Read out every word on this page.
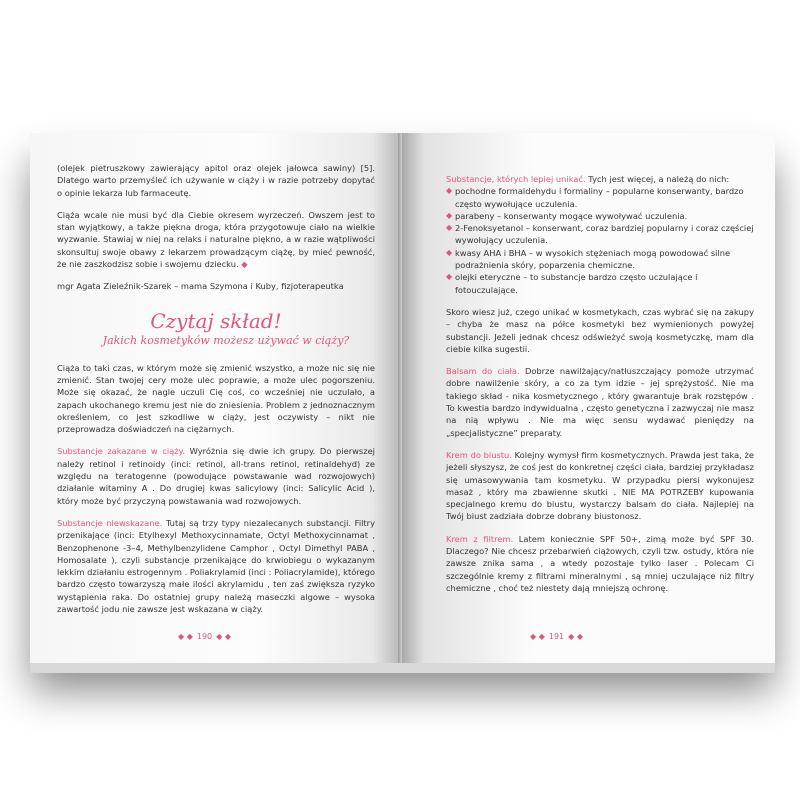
(olejek pietruszkowy zawierający apitol oraz olejek jałowca sawiny) [5]. Dlatego warto przemyśleć ich używanie w ciąży i w razie potrzeby dopytać o opinie lekarza lub farmaceutę.

Ciąża wcale nie musi być dla Ciebie okresem wyrzeczeń. Owszem jest to stan wyjątkowy, a także piękna droga, która przygotowuje ciało na wielkie wyzwanie. Stawiaj w niej na relaks i naturalne piękno, a w razie wątpliwości skonsultuj swoje obawy z lekarzem prowadzącym ciążę, by mieć pewność, że nie zaszkodzisz sobie i swojemu dziecku. ◆

mgr Agata Zieleźnik-Szarek – mama Szymona i Kuby, fizjoterapeutka

Czytaj skład!
Jakich kosmetyków możesz używać w ciąży?

Ciąża to taki czas, w którym może się zmienić wszystko, a może nic się nie zmienić. Stan twojej cery może ulec poprawie, a może ulec pogorszeniu. Może się okazać, że nagle uczuli Cię coś, co wcześniej nie uczulało, a zapach ukochanego kremu jest nie do zniesienia. Problem z jednoznacznym określeniem, co jest szkodliwe w ciąży, jest oczywisty – nikt nie przeprowadza doświadczeń na ciężarnych.

Substancje zakazane w ciąży. Wyróżnia się dwie ich grupy. Do pierwszej należy retinol i retinoidy (inci: retinol, all-trans retinol, retinaldehyd) ze względu na teratogenne (powodujące powstawanie wad rozwojowych) działanie witaminy A . Do drugiej kwas salicylowy (inci: Salicylic Acid ), który może być przyczyną powstawania wad rozwojowych.

Substancje niewskazane. Tutaj są trzy typy niezalecanych substancji. Filtry przenikające (inci: Etylhexyl Methoxycinnamate, Octyl Methoxycinnamat , Benzophenone -3–4, Methylbenzylidene Camphor , Octyl Dimethyl PABA , Homosalate ), czyli substancje przenikające do krwiobiegu o wykazanym lekkim działaniu estrogennym . Poliakrylamid (inci : Poliacrylamide), którego bardzo często towarzyszą małe ilości akrylamidu , ten zaś zwiększa ryzyko wystąpienia raka. Do ostatniej grupy należą maseczki algowe – wysoka zawartość jodu nie zawsze jest wskazana w ciąży.

◆ ◆ 190 ◆ ◆
Substancje, których lepiej unikać. Tych jest więcej, a należą do nich:
◆ pochodne formaldehydu i formaliny – popularne konserwanty, bardzo często wywołujące uczulenia.
◆ parabeny – konserwanty mogące wywoływać uczulenia.
◆ 2-Fenoksyetanol – konserwant, coraz bardziej popularny i coraz częściej wywołujący uczulenia.
◆ kwasy AHA i BHA – w wysokich stężeniach mogą powodować silne podrażnienia skóry, poparzenia chemiczne.
◆ olejki eteryczne – to substancje bardzo często uczulające i fotouczulające.

Skoro wiesz już, czego unikać w kosmetykach, czas wybrać się na zakupy – chyba że masz na półce kosmetyki bez wymienionych powyżej substancji. Jeżeli jednak chcesz odświeżyć swoją kosmetyczkę, mam dla ciebie kilka sugestii.

Balsam do ciała. Dobrze nawilżający/natłuszczający pomoże utrzymać dobre nawilżenie skóry, a co za tym idzie – jej sprężystość. Nie ma takiego skład - nika kosmetycznego , który gwarantuje brak rozstępów . To kwestia bardzo indywidualna , często genetyczna i zazwyczaj nie masz na nią wpływu . Nie ma więc sensu wydawać pieniędzy na „specjalistyczne” preparaty.

Krem do biustu. Kolejny wymysł firm kosmetycznych. Prawda jest taka, że jeżeli słyszysz, że coś jest do konkretnej części ciała, bardziej przykładasz się umasowywania tam kosmetyku. W przypadku piersi wykonujesz masaż , który ma zbawienne skutki . NIE MA POTRZEBY kupowania specjalnego kremu do biustu, wystarczy balsam do ciała. Najlepiej na Twój biust zadziała dobrze dobrany biustonosz.

Krem z filtrem. Latem koniecznie SPF 50+, zimą może być SPF 30. Dlaczego? Nie chcesz przebarwień ciążowych, czyli tzw. ostudy, która nie zawsze znika sama , a wtedy pozostaje tylko laser . Polecam Ci szczególnie kremy z filtrami mineralnymi , są mniej uczulające niż filtry chemiczne , choć też niestety dają mniejszą ochronę.

◆ ◆ 191 ◆ ◆
